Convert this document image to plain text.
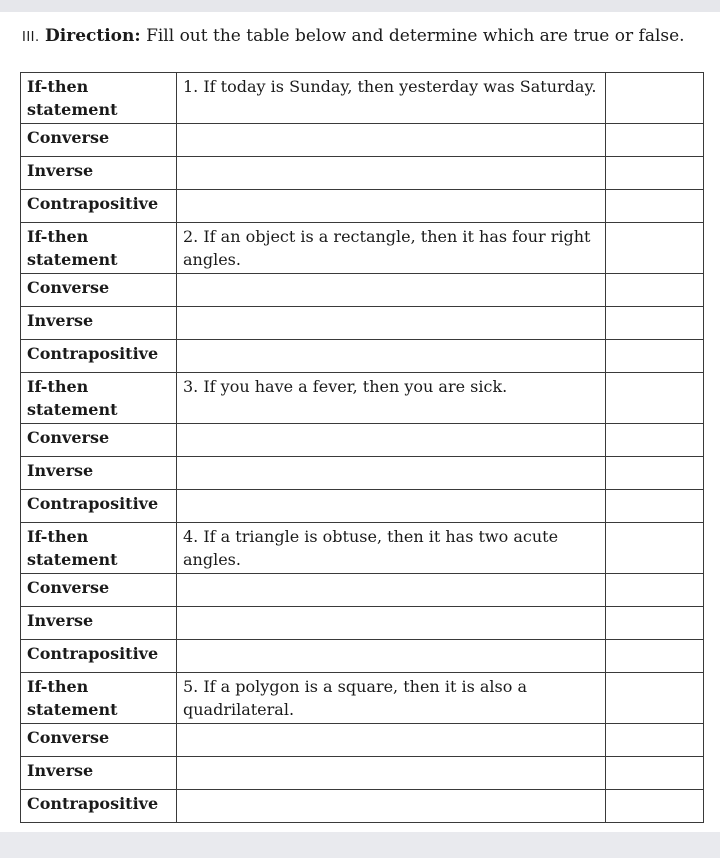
III. Direction: Fill out the table below and determine which are true or false.
If-then
statement	1. If today is Sunday, then yesterday was Saturday.	
Converse		
Inverse		
Contrapositive		
If-then
statement	2. If an object is a rectangle, then it has four right angles.	
Converse		
Inverse		
Contrapositive		
If-then
statement	3. If you have a fever, then you are sick.	
Converse		
Inverse		
Contrapositive		
If-then
statement	4. If a triangle is obtuse, then it has two acute angles.	
Converse		
Inverse		
Contrapositive		
If-then
statement	5. If a polygon is a square, then it is also a quadrilateral.	
Converse		
Inverse		
Contrapositive		
